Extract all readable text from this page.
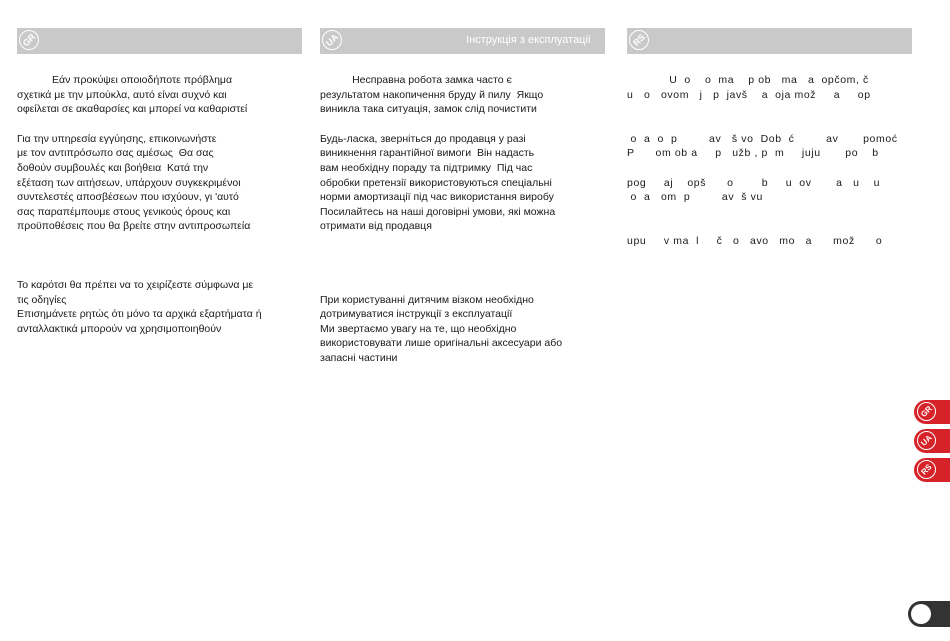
GR

Εάν προκύψει οποιοδήποτε πρόβλημα
σχετικά με την μπούκλα, αυτό είναι συχνό και
οφείλεται σε ακαθαρσίες και μπορεί να καθαριστεί

Για την υπηρεσία εγγύησης, επικοινωνήστε
με τον αντιπρόσωπο σας αμέσως  Θα σας
δοθούν συμβουλές και βοήθεια  Κατά την
εξέταση των αιτήσεων, υπάρχουν συγκεκριμένοι
συντελεστές αποσβέσεων που ισχύουν, γι 'αυτό
σας παραπέμπουμε στους γενικούς όρους και
προϋποθέσεις που θα βρείτε στην αντιπροσωπεία

Το καρότσι θα πρέπει να το χειρίζεστε σύμφωνα με
τις οδηγίες
Επισημάνετε ρητώς ότι μόνο τα αρχικά εξαρτήματα ή
ανταλλακτικά μπορούν να χρησιμοποιηθούν

UA	Інструкція з експлуатації

Несправна робота замка часто є
результатом накопичення бруду й пилу  Якщо
виникла така ситуація, замок слід почистити

Будь-ласка, зверніться до продавця у разі
виникнення гарантійної вимоги  Він надасть
вам необхідну пораду та підтримку  Під час
обробки претензії використовуються спеціальні
норми амортизації під час використання виробу
Посилайтесь на наші договірні умови, які можна
отримати від продавця

При користуванні дитячим візком необхідно
дотримуватися інструкції з експлуатації
Ми звертаємо увагу на те, що необхідно
використовувати лише оригінальні аксесуари або
запасні частини

RS

U  o    o  ma    p ob   ma   a  opčom, č
u   o   ovom   j   p  javš    a  oja mož     a     op

o  a  o  p         av   š vo  Dob  ć         av       pomoć
P      om ob a     p   užb , p  m     juju       po    b

pog     aj    opš      o        b     u  ov       a   u    u
o  a   om  p         av  š vu

upu     v ma  l     č   o   avo   mo   a      mož      o

GR
UA
RS
